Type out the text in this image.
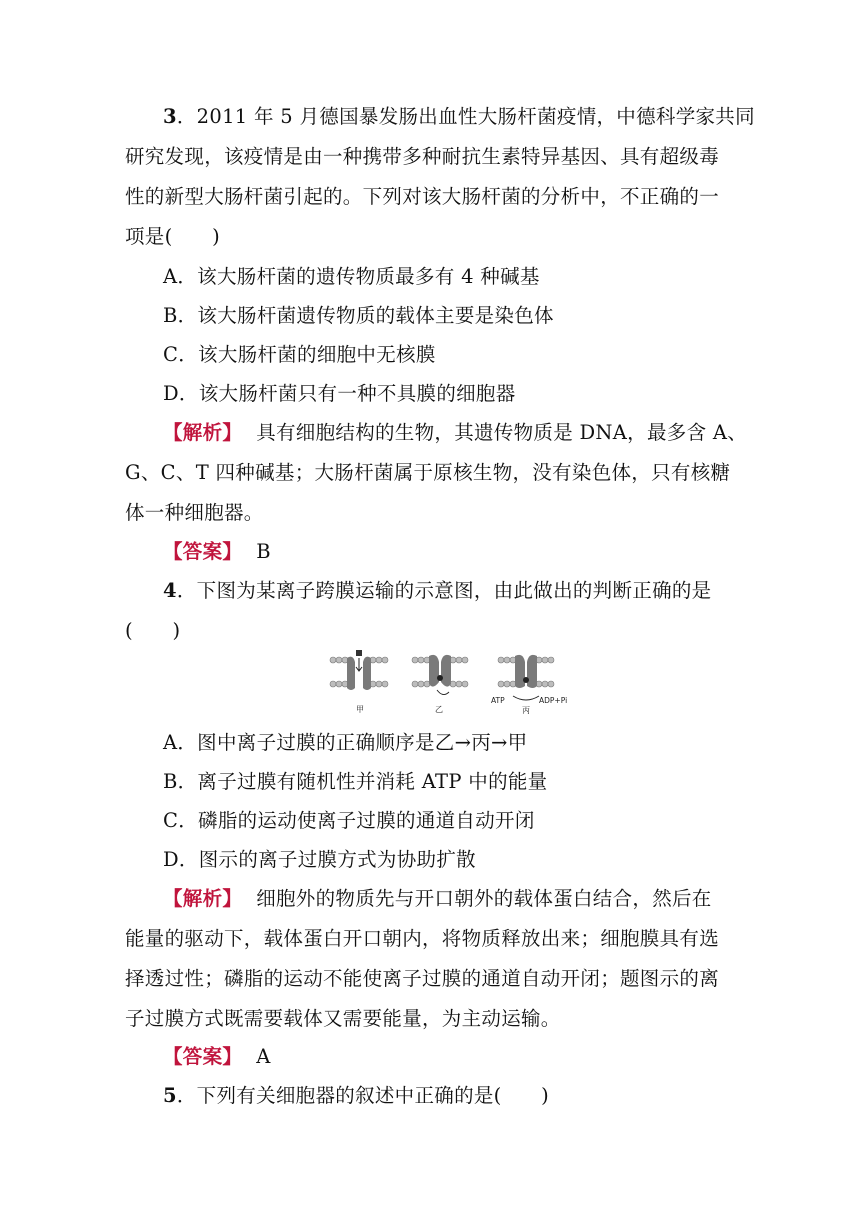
3．2011 年 5 月德国暴发肠出血性大肠杆菌疫情，中德科学家共同
研究发现，该疫情是由一种携带多种耐抗生素特异基因、具有超级毒
性的新型大肠杆菌引起的。下列对该大肠杆菌的分析中，不正确的一
项是(　　)
A．该大肠杆菌的遗传物质最多有 4 种碱基
B．该大肠杆菌遗传物质的载体主要是染色体
C．该大肠杆菌的细胞中无核膜
D．该大肠杆菌只有一种不具膜的细胞器
【解析】 具有细胞结构的生物，其遗传物质是 DNA，最多含 A、
G、C、T 四种碱基；大肠杆菌属于原核生物，没有染色体，只有核糖
体一种细胞器。
【答案】 B
4．下图为某离子跨膜运输的示意图，由此做出的判断正确的是
(　　)
甲	乙
ATP	ADP+Pi
丙
A．图中离子过膜的正确顺序是乙→丙→甲
B．离子过膜有随机性并消耗 ATP 中的能量
C．磷脂的运动使离子过膜的通道自动开闭
D．图示的离子过膜方式为协助扩散
【解析】 细胞外的物质先与开口朝外的载体蛋白结合，然后在
能量的驱动下，载体蛋白开口朝内，将物质释放出来；细胞膜具有选
择透过性；磷脂的运动不能使离子过膜的通道自动开闭；题图示的离
子过膜方式既需要载体又需要能量，为主动运输。
【答案】 A
5．下列有关细胞器的叙述中正确的是(　　)
